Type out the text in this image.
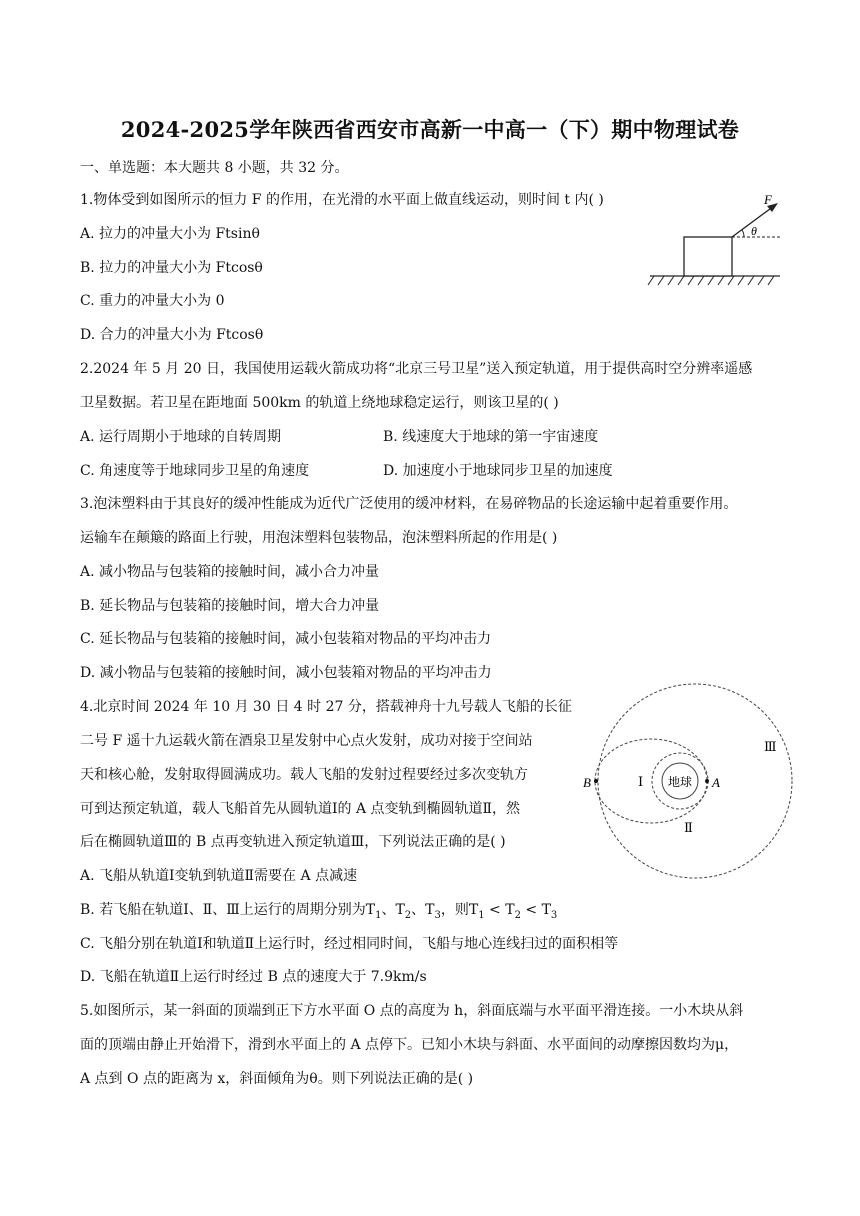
2024-2025学年陕西省西安市高新一中高一（下）期中物理试卷
一、单选题：本大题共 8 小题，共 32 分。
1.物体受到如图所示的恒力 F 的作用，在光滑的水平面上做直线运动，则时间 t 内( )
A. 拉力的冲量大小为 Ftsinθ
B. 拉力的冲量大小为 Ftcosθ
C. 重力的冲量大小为 0
D. 合力的冲量大小为 Ftcosθ
F
θ
2.2024 年 5 月 20 日，我国使用运载火箭成功将“北京三号卫星”送入预定轨道，用于提供高时空分辨率遥感
卫星数据。若卫星在距地面 500km 的轨道上绕地球稳定运行，则该卫星的( )
A. 运行周期小于地球的自转周期	B. 线速度大于地球的第一宇宙速度
C. 角速度等于地球同步卫星的角速度	D. 加速度小于地球同步卫星的加速度
3.泡沫塑料由于其良好的缓冲性能成为近代广泛使用的缓冲材料，在易碎物品的长途运输中起着重要作用。
运输车在颠簸的路面上行驶，用泡沫塑料包装物品，泡沫塑料所起的作用是( )
A. 减小物品与包装箱的接触时间，减小合力冲量
B. 延长物品与包装箱的接触时间，增大合力冲量
C. 延长物品与包装箱的接触时间，减小包装箱对物品的平均冲击力
D. 减小物品与包装箱的接触时间，减小包装箱对物品的平均冲击力
4.北京时间 2024 年 10 月 30 日 4 时 27 分，搭载神舟十九号载人飞船的长征
二号 F 遥十九运载火箭在酒泉卫星发射中心点火发射，成功对接于空间站
天和核心舱，发射取得圆满成功。载人飞船的发射过程要经过多次变轨方
可到达预定轨道，载人飞船首先从圆轨道Ⅰ的 A 点变轨到椭圆轨道Ⅱ，然
后在椭圆轨道Ⅲ的 B 点再变轨进入预定轨道Ⅲ，下列说法正确的是( )
地球 A
B	Ⅰ
Ⅱ
Ⅲ
A. 飞船从轨道Ⅰ变轨到轨道Ⅱ需要在 A 点减速
B. 若飞船在轨道Ⅰ、Ⅱ、Ⅲ上运行的周期分别为$T_1$、$T_2$、$T_3$，则$T_1 < T_2 < T_3$
C. 飞船分别在轨道Ⅰ和轨道Ⅱ上运行时，经过相同时间，飞船与地心连线扫过的面积相等
D. 飞船在轨道Ⅱ上运行时经过 B 点的速度大于 7.9km/s
5.如图所示，某一斜面的顶端到正下方水平面 O 点的高度为 h，斜面底端与水平面平滑连接。一小木块从斜
面的顶端由静止开始滑下，滑到水平面上的 A 点停下。已知小木块与斜面、水平面间的动摩擦因数均为μ，
A 点到 O 点的距离为 x，斜面倾角为θ。则下列说法正确的是( )
